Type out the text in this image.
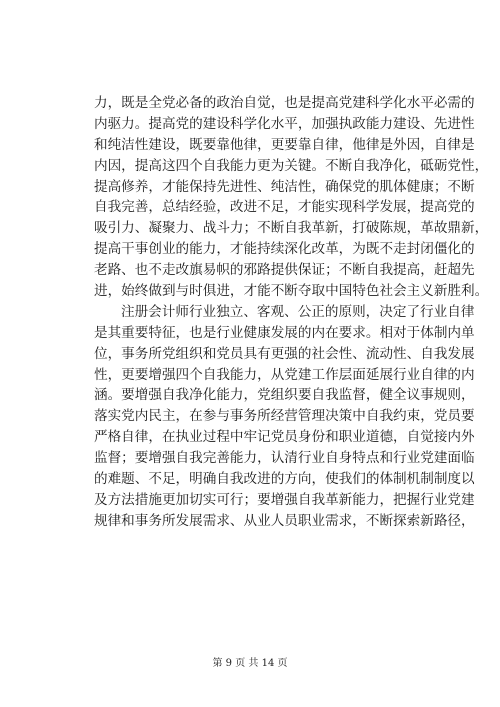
力，既是全党必备的政治自觉，也是提高党建科学化水平必需的
内驱力。提高党的建设科学化水平，加强执政能力建设、先进性
和纯洁性建设，既要靠他律，更要靠自律，他律是外因，自律是
内因，提高这四个自我能力更为关键。不断自我净化，砥砺党性，
提高修养，才能保持先进性、纯洁性，确保党的肌体健康；不断
自我完善，总结经验，改进不足，才能实现科学发展，提高党的
吸引力、凝聚力、战斗力；不断自我革新，打破陈规，革故鼎新，
提高干事创业的能力，才能持续深化改革，为既不走封闭僵化的
老路、也不走改旗易帜的邪路提供保证；不断自我提高，赶超先
进，始终做到与时俱进，才能不断夺取中国特色社会主义新胜利。
注册会计师行业独立、客观、公正的原则，决定了行业自律
是其重要特征，也是行业健康发展的内在要求。相对于体制内单
位，事务所党组织和党员具有更强的社会性、流动性、自我发展
性，更要增强四个自我能力，从党建工作层面延展行业自律的内
涵。要增强自我净化能力，党组织要自我监督，健全议事规则，
落实党内民主，在参与事务所经营管理决策中自我约束，党员要
严格自律，在执业过程中牢记党员身份和职业道德，自觉接内外
监督；要增强自我完善能力，认清行业自身特点和行业党建面临
的难题、不足，明确自我改进的方向，使我们的体制机制制度以
及方法措施更加切实可行；要增强自我革新能力，把握行业党建
规律和事务所发展需求、从业人员职业需求，不断探索新路径，
第 9 页 共 14 页
